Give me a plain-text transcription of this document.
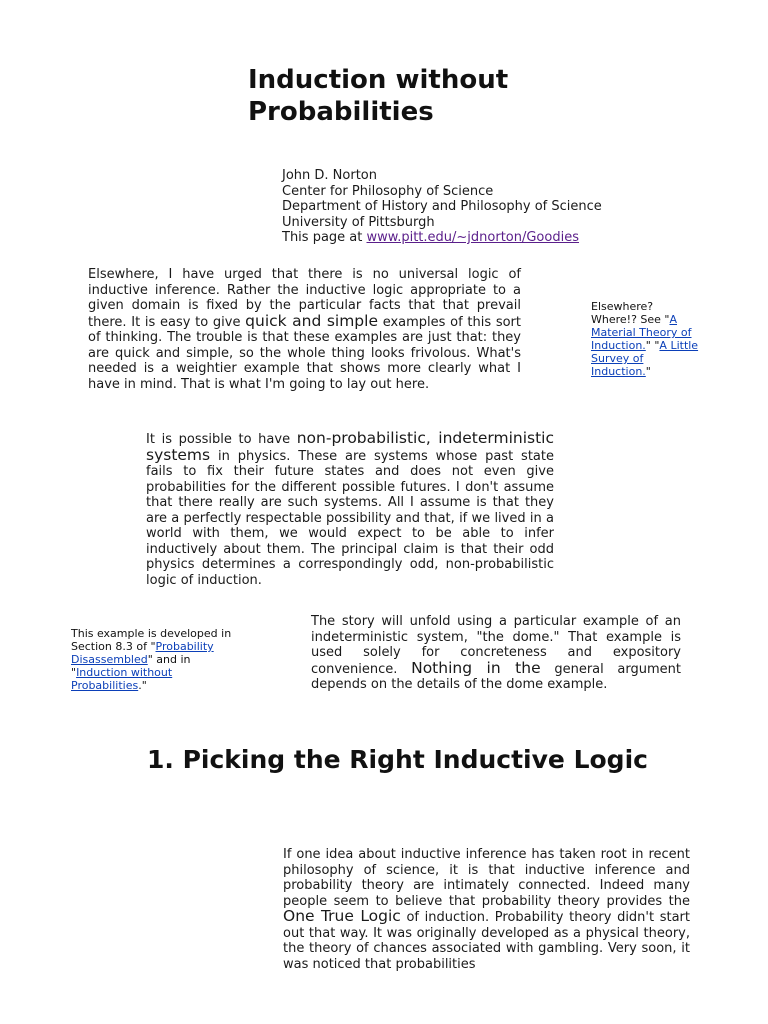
Induction without Probabilities
John D. Norton
Center for Philosophy of Science
Department of History and Philosophy of Science
University of Pittsburgh
This page at www.pitt.edu/~jdnorton/Goodies
Elsewhere, I have urged that there is no universal logic of inductive inference. Rather the inductive logic appropriate to a given domain is fixed by the particular facts that that prevail there. It is easy to give quick and simple examples of this sort of thinking. The trouble is that these examples are just that: they are quick and simple, so the whole thing looks frivolous. What's needed is a weightier example that shows more clearly what I have in mind. That is what I'm going to lay out here.
Elsewhere? Where!? See "A Material Theory of Induction." "A Little Survey of Induction."
It is possible to have non-probabilistic, indeterministic systems in physics. These are systems whose past state fails to fix their future states and does not even give probabilities for the different possible futures. I don't assume that there really are such systems. All I assume is that they are a perfectly respectable possibility and that, if we lived in a world with them, we would expect to be able to infer inductively about them. The principal claim is that their odd physics determines a correspondingly odd, non-probabilistic logic of induction.
This example is developed in Section 8.3 of "Probability Disassembled" and in "Induction without Probabilities."
The story will unfold using a particular example of an indeterministic system, "the dome." That example is used solely for concreteness and expository convenience. Nothing in the general argument depends on the details of the dome example.
1. Picking the Right Inductive Logic
If one idea about inductive inference has taken root in recent philosophy of science, it is that inductive inference and probability theory are intimately connected. Indeed many people seem to believe that probability theory provides the One True Logic of induction. Probability theory didn't start out that way. It was originally developed as a physical theory, the theory of chances associated with gambling. Very soon, it was noticed that probabilities
